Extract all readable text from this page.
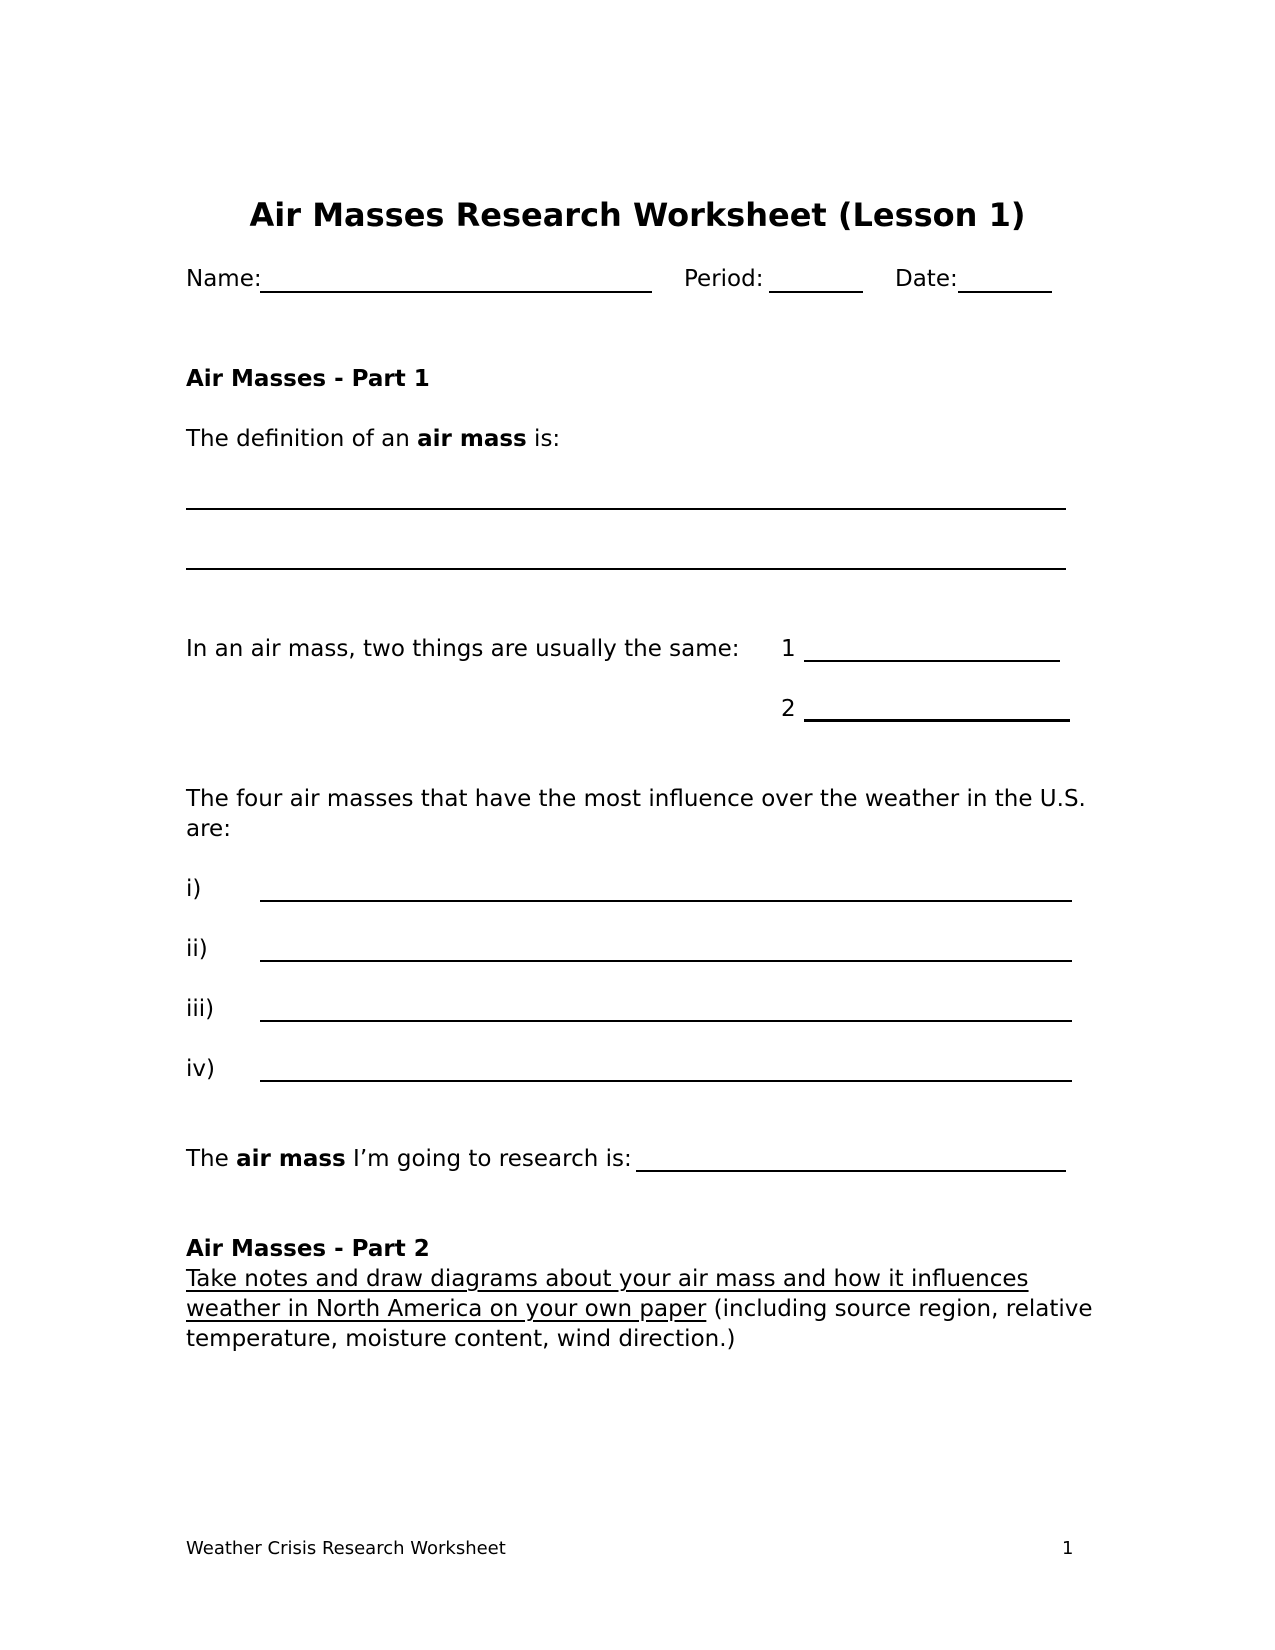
Air Masses Research Worksheet (Lesson 1)
Name:	Period:	Date:
Air Masses - Part 1
The definition of an air mass is:
In an air mass, two things are usually the same: 1
2
The four air masses that have the most influence over the weather in the U.S.
are:
i)
ii)
iii)
iv)
The air mass I’m going to research is:
Air Masses - Part 2
Take notes and draw diagrams about your air mass and how it influences
weather in North America on your own paper (including source region, relative
temperature, moisture content, wind direction.)
Weather Crisis Research Worksheet	1
